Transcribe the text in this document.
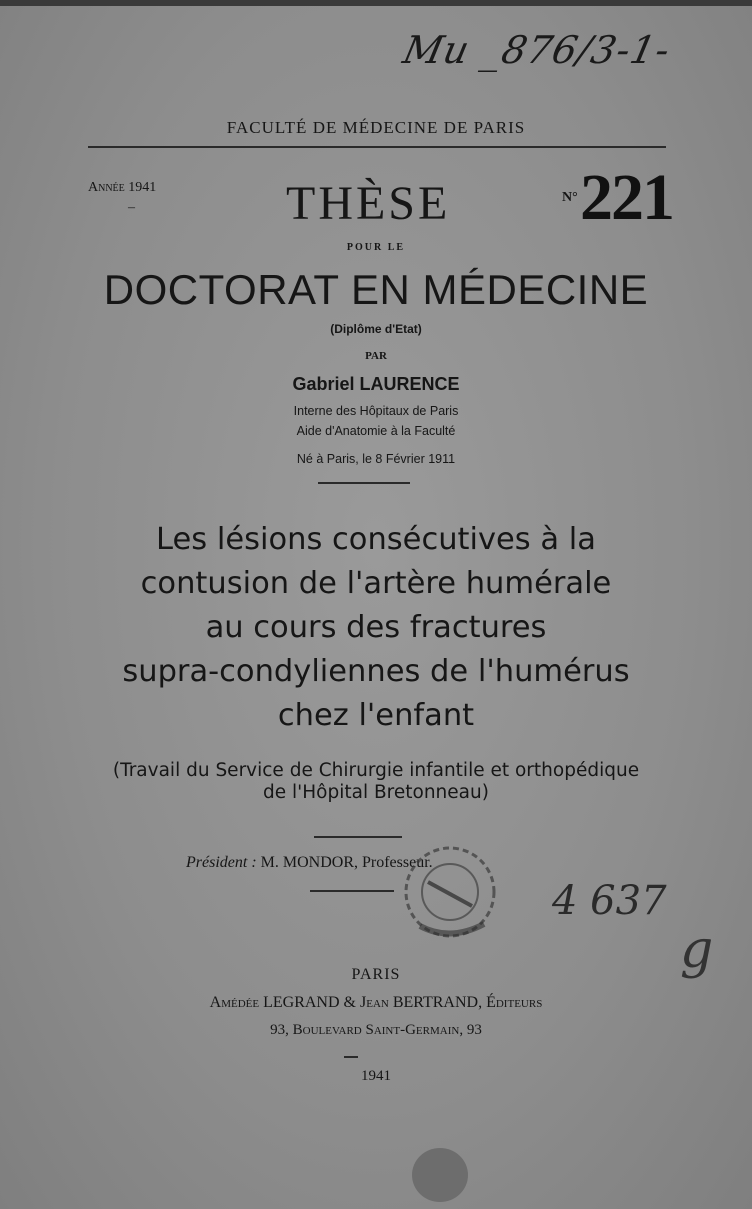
Mu _876/3-1-
FACULTÉ DE MÉDECINE DE PARIS
Année 1941
–	THÈSE	N° 221
POUR LE
DOCTORAT EN MÉDECINE
(Diplôme d'Etat)
PAR
Gabriel LAURENCE
Interne des Hôpitaux de Paris
Aide d'Anatomie à la Faculté
Né à Paris, le 8 Février 1911
Les lésions consécutives à la
contusion de l'artère humérale
au cours des fractures
supra-condyliennes de l'humérus
chez l'enfant
(Travail du Service de Chirurgie infantile et orthopédique
de l'Hôpital Bretonneau)
Président : M. MONDOR, Professeur.
4 637
g
PARIS
Amédée LEGRAND & Jean BERTRAND, Éditeurs
93, Boulevard Saint-Germain, 93
1941
